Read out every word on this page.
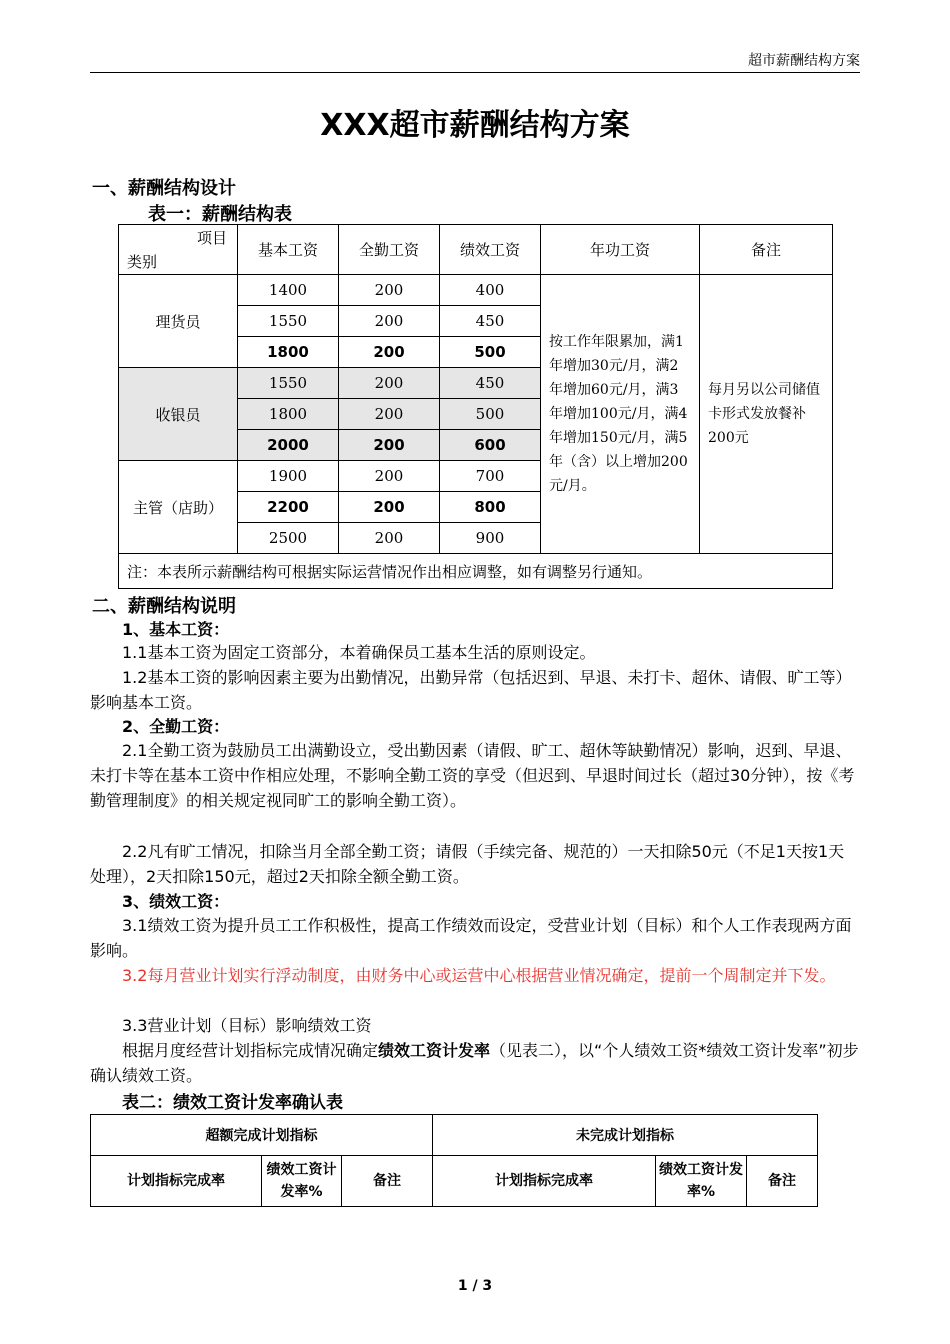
超市薪酬结构方案
XXX超市薪酬结构方案
一、薪酬结构设计
表一：薪酬结构表
项目
类别	基本工资	全勤工资	绩效工资	年功工资	备注
理货员	1400	200	400	按工作年限累加，满1年增加30元/月，满2年增加60元/月，满3年增加100元/月，满4年增加150元/月，满5年（含）以上增加200元/月。	每月另以公司储值卡形式发放餐补200元
	1550	200	450		
	1800	200	500		
收银员	1550	200	450		
	1800	200	500		
	2000	200	600		
主管（店助）	1900	200	700		
	2200	200	800		
	2500	200	900		
注：本表所示薪酬结构可根据实际运营情况作出相应调整，如有调整另行通知。					
二、薪酬结构说明
1、基本工资：
1.1基本工资为固定工资部分，本着确保员工基本生活的原则设定。
1.2基本工资的影响因素主要为出勤情况，出勤异常（包括迟到、早退、未打卡、超休、请假、旷工等）影响基本工资。
2、全勤工资：
2.1全勤工资为鼓励员工出满勤设立，受出勤因素（请假、旷工、超休等缺勤情况）影响，迟到、早退、未打卡等在基本工资中作相应处理，不影响全勤工资的享受（但迟到、早退时间过长（超过30分钟），按《考勤管理制度》的相关规定视同旷工的影响全勤工资）。
2.2凡有旷工情况，扣除当月全部全勤工资；请假（手续完备、规范的）一天扣除50元（不足1天按1天处理），2天扣除150元，超过2天扣除全额全勤工资。
3、绩效工资：
3.1绩效工资为提升员工工作积极性，提高工作绩效而设定，受营业计划（目标）和个人工作表现两方面影响。
3.2每月营业计划实行浮动制度，由财务中心或运营中心根据营业情况确定，提前一个周制定并下发。
3.3营业计划（目标）影响绩效工资
根据月度经营计划指标完成情况确定绩效工资计发率（见表二），以“个人绩效工资*绩效工资计发率”初步确认绩效工资。
表二：绩效工资计发率确认表
超额完成计划指标			未完成计划指标		
计划指标完成率	绩效工资计发率%	备注	计划指标完成率	绩效工资计发率%	备注
1 / 3
